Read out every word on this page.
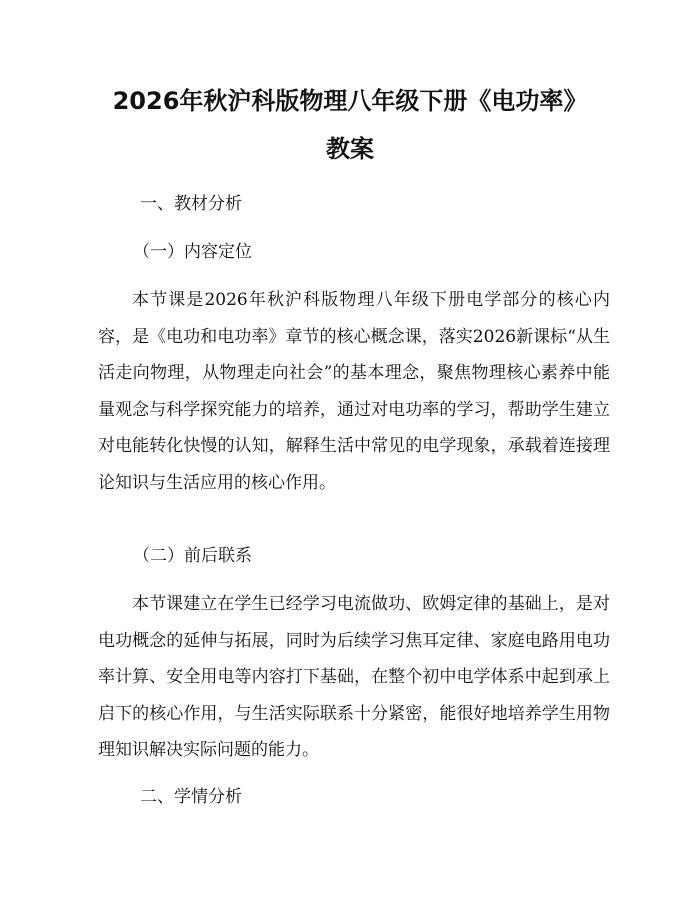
2026年秋沪科版物理八年级下册《电功率》
教案

一、教材分析

（一）内容定位

本节课是2026年秋沪科版物理八年级下册电学部分的核心内容，是《电功和电功率》章节的核心概念课，落实2026新课标“从生活走向物理，从物理走向社会”的基本理念，聚焦物理核心素养中能量观念与科学探究能力的培养，通过对电功率的学习，帮助学生建立对电能转化快慢的认知，解释生活中常见的电学现象，承载着连接理论知识与生活应用的核心作用。

（二）前后联系

本节课建立在学生已经学习电流做功、欧姆定律的基础上，是对电功概念的延伸与拓展，同时为后续学习焦耳定律、家庭电路用电功率计算、安全用电等内容打下基础，在整个初中电学体系中起到承上启下的核心作用，与生活实际联系十分紧密，能很好地培养学生用物理知识解决实际问题的能力。

二、学情分析
